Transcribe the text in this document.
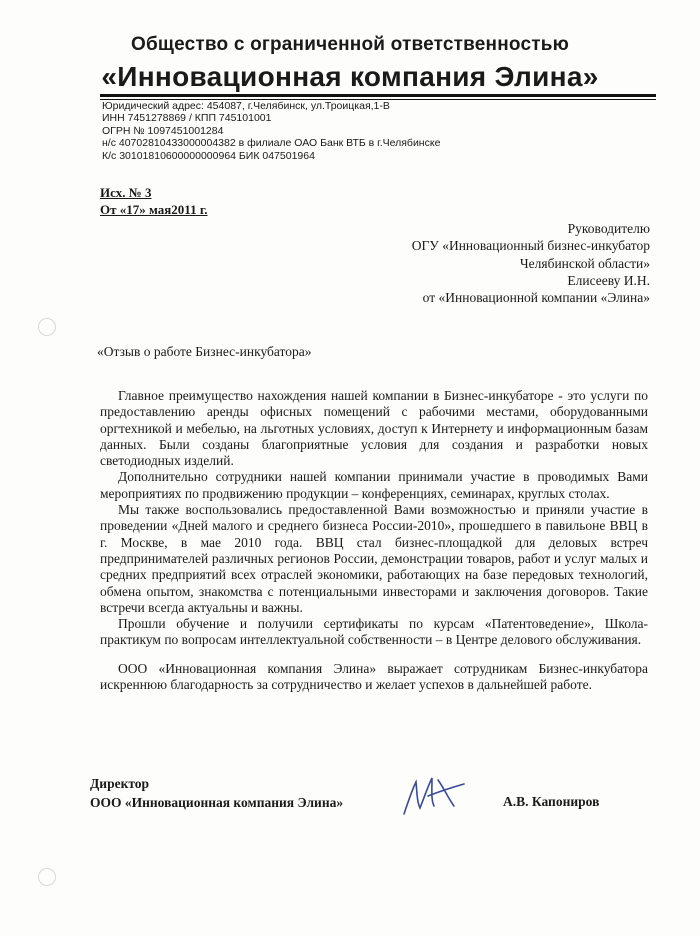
Общество с ограниченной ответственностью
«Инновационная компания Элина»
Юридический адрес: 454087, г.Челябинск, ул.Троицкая,1-В
ИНН 7451278869 / КПП 745101001
ОГРН № 1097451001284
н/с 40702810433000004382 в филиале ОАО Банк ВТБ в г.Челябинске
К/с 30101810600000000964 БИК 047501964
Исх. № 3
От «17» мая2011 г.
Руководителю
ОГУ «Инновационный бизнес-инкубатор
Челябинской области»
Елисееву И.Н.
от «Инновационной компании «Элина»
«Отзыв о работе Бизнес-инкубатора»

Главное преимущество нахождения нашей компании в Бизнес-инкубаторе - это услуги по предоставлению аренды офисных помещений с рабочими местами, оборудованными оргтехникой и мебелью, на льготных условиях, доступ к Интернету и информационным базам данных. Были созданы благоприятные условия для создания и разработки новых светодиодных изделий.

Дополнительно сотрудники нашей компании принимали участие в проводимых Вами мероприятиях по продвижению продукции – конференциях, семинарах, круглых столах.

Мы также воспользовались предоставленной Вами возможностью и приняли участие в проведении «Дней малого и среднего бизнеса России-2010», прошедшего в павильоне ВВЦ в г. Москве, в мае 2010 года. ВВЦ стал бизнес-площадкой для деловых встреч предпринимателей различных регионов России, демонстрации товаров, работ и услуг малых и средних предприятий всех отраслей экономики, работающих на базе передовых технологий, обмена опытом, знакомства с потенциальными инвесторами и заключения договоров. Такие встречи всегда актуальны и важны.

Прошли обучение и получили сертификаты по курсам «Патентоведение», Школа-практикум по вопросам интеллектуальной собственности – в Центре делового обслуживания.

ООО «Инновационная компания Элина» выражает сотрудникам Бизнес-инкубатора искреннюю благодарность за сотрудничество и желает успехов в дальнейшей работе.

Директор
ООО «Инновационная компания Элина»	А.В. Капониров
